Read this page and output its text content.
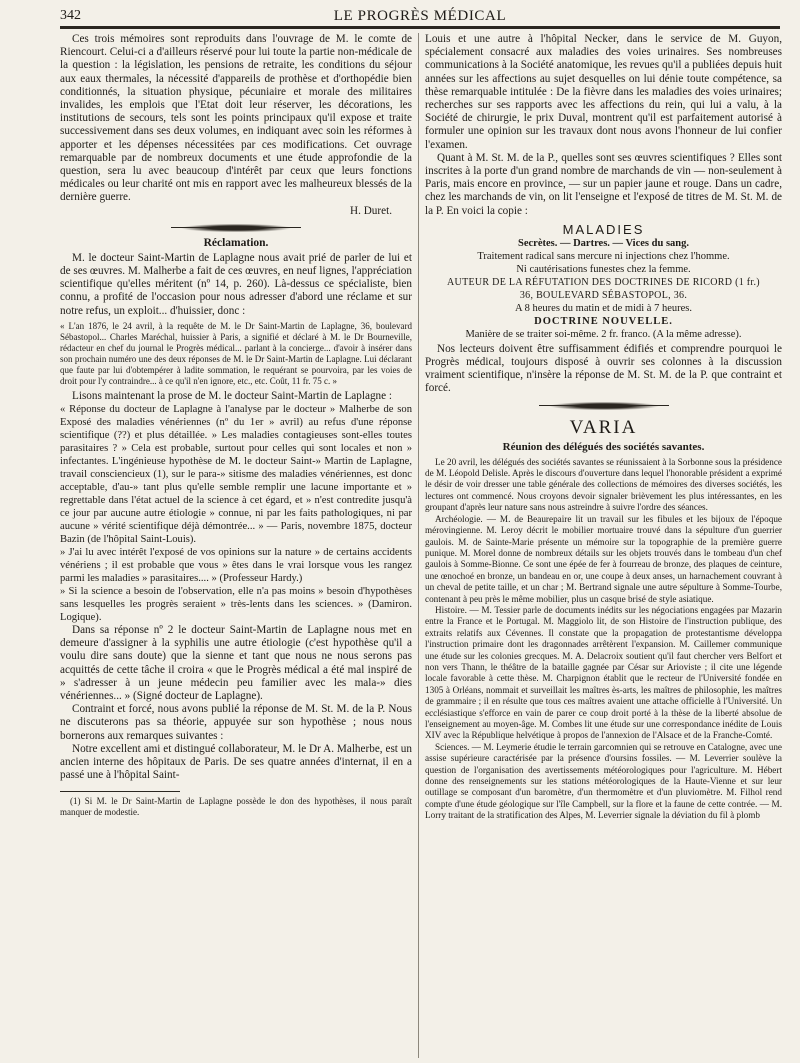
342	LE PROGRÈS MÉDICAL

Ces trois mémoires sont reproduits dans l'ouvrage de M. le comte de Riencourt. Celui-ci a d'ailleurs réservé pour lui toute la partie non-médicale de la question : la législation, les pensions de retraite, les conditions du séjour aux eaux thermales, la nécessité d'appareils de prothèse et d'orthopédie bien conditionnés, la situation physique, pécuniaire et morale des militaires invalides, les emplois que l'Etat doit leur réserver, les décorations, les institutions de secours, tels sont les points principaux qu'il expose et traite successivement dans ses deux volumes, en indiquant avec soin les réformes à apporter et les dépenses nécessitées par ces modifications. Cet ouvrage remarquable par de nombreux documents et une étude approfondie de la question, sera lu avec beaucoup d'intérêt par ceux que leurs fonctions médicales ou leur charité ont mis en rapport avec les malheureux blessés de la dernière guerre.

H. Duret.

Réclamation.

M. le docteur Saint-Martin de Laplagne nous avait prié de parler de lui et de ses œuvres. M. Malherbe a fait de ces œuvres, en neuf lignes, l'appréciation scientifique qu'elles méritent (nº 14, p. 260). Là-dessus ce spécialiste, bien connu, a profité de l'occasion pour nous adresser d'abord une réclame et sur notre refus, un exploit... d'huissier, donc :

« L'an 1876, le 24 avril, à la requête de M. le Dr Saint-Martin de Laplagne, 36, boulevard Sébastopol... Charles Maréchal, huissier à Paris, a signifié et déclaré à M. le Dr Bourneville, rédacteur en chef du journal le Progrès médical... parlant à la concierge... d'avoir à insérer dans son prochain numéro une des deux réponses de M. le Dr Saint-Martin de Laplagne. Lui déclarant que faute par lui d'obtempérer à ladite sommation, le requérant se pourvoira, par les voies de droit pour l'y contraindre... à ce qu'il n'en ignore, etc., etc. Coût, 11 fr. 75 c. »

Lisons maintenant la prose de M. le docteur Saint-Martin de Laplagne :

« Réponse du docteur de Laplagne à l'analyse par le docteur » Malherbe de son Exposé des maladies vénériennes (nº du 1er » avril) au refus d'une réponse scientifique (??) et plus détaillée. » Les maladies contagieuses sont-elles toutes parasitaires ? » Cela est probable, surtout pour celles qui sont locales et non » infectantes. L'ingénieuse hypothèse de M. le docteur Saint-» Martin de Laplagne, travail consciencieux (1), sur le para-» sitisme des maladies vénériennes, est donc acceptable, d'au-» tant plus qu'elle semble remplir une lacune importante et » regrettable dans l'état actuel de la science à cet égard, et » n'est contredite jusqu'à ce jour par aucune autre étiologie » connue, ni par les faits pathologiques, ni par aucune » vérité scientifique déjà démontrée... » — Paris, novembre 1875, docteur Bazin (de l'hôpital Saint-Louis).

» J'ai lu avec intérêt l'exposé de vos opinions sur la nature » de certains accidents vénériens ; il est probable que vous » êtes dans le vrai lorsque vous les rangez parmi les maladies » parasitaires.... » (Professeur Hardy.)

» Si la science a besoin de l'observation, elle n'a pas moins » besoin d'hypothèses sans lesquelles les progrès seraient » très-lents dans les sciences. » (Damiron. Logique).

Dans sa réponse nº 2 le docteur Saint-Martin de Laplagne nous met en demeure d'assigner à la syphilis une autre étiologie (c'est hypothèse qu'il a voulu dire sans doute) que la sienne et tant que nous ne nous serons pas acquittés de cette tâche il croira « que le Progrès médical a été mal inspiré de » s'adresser à un jeune médecin peu familier avec les mala-» dies vénériennes... » (Signé docteur de Laplagne).

Contraint et forcé, nous avons publié la réponse de M. St. M. de la P. Nous ne discuterons pas sa théorie, appuyée sur son hypothèse ; nous nous bornerons aux remarques suivantes :

Notre excellent ami et distingué collaborateur, M. le Dr A. Malherbe, est un ancien interne des hôpitaux de Paris. De ses quatre années d'internat, il en a passé une à l'hôpital Saint-

(1) Si M. le Dr Saint-Martin de Laplagne possède le don des hypothèses, il nous paraît manquer de modestie.

Louis et une autre à l'hôpital Necker, dans le service de M. Guyon, spécialement consacré aux maladies des voies urinaires. Ses nombreuses communications à la Société anatomique, les revues qu'il a publiées depuis huit années sur les affections au sujet desquelles on lui dénie toute compétence, sa thèse remarquable intitulée : De la fièvre dans les maladies des voies urinaires; recherches sur ses rapports avec les affections du rein, qui lui a valu, à la Société de chirurgie, le prix Duval, montrent qu'il est parfaitement autorisé à formuler une opinion sur les travaux dont nous avons l'honneur de lui confier l'examen.

Quant à M. St. M. de la P., quelles sont ses œuvres scientifiques ? Elles sont inscrites à la porte d'un grand nombre de marchands de vin — non-seulement à Paris, mais encore en province, — sur un papier jaune et rouge. Dans un cadre, chez les marchands de vin, on lit l'enseigne et l'exposé de titres de M. St. M. de la P. En voici la copie :

MALADIES
Secrètes. — Dartres. — Vices du sang.
Traitement radical sans mercure ni injections chez l'homme.
Ni cautérisations funestes chez la femme.
AUTEUR DE LA RÉFUTATION DES DOCTRINES DE RICORD (1 fr.)
36, BOULEVARD SÉBASTOPOL, 36.
A 8 heures du matin et de midi à 7 heures.
DOCTRINE NOUVELLE.
Manière de se traiter soi-même. 2 fr. franco. (A la même adresse).

Nos lecteurs doivent être suffisamment édifiés et comprendre pourquoi le Progrès médical, toujours disposé à ouvrir ses colonnes à la discussion vraiment scientifique, n'insère la réponse de M. St. M. de la P. que contraint et forcé.

VARIA
Réunion des délégués des sociétés savantes.

Le 20 avril, les délégués des sociétés savantes se réunissaient à la Sorbonne sous la présidence de M. Léopold Delisle. Après le discours d'ouverture dans lequel l'honorable président a exprimé le désir de voir dresser une table générale des collections de mémoires des diverses sociétés, les lectures ont commencé. Nous croyons devoir signaler brièvement les plus intéressantes, en les groupant d'après leur nature sans nous astreindre à suivre l'ordre des séances.

Archéologie. — M. de Beaurepaire lit un travail sur les fibules et les bijoux de l'époque mérovingienne. M. Leroy décrit le mobilier mortuaire trouvé dans la sépulture d'un guerrier gaulois. M. de Sainte-Marie présente un mémoire sur la topographie de la première guerre punique. M. Morel donne de nombreux détails sur les objets trouvés dans le tombeau d'un chef gaulois à Somme-Bionne. Ce sont une épée de fer à fourreau de bronze, des plaques de ceinture, une œnochoé en bronze, un bandeau en or, une coupe à deux anses, un harnachement couvrant à un cheval de petite taille, et un char ; M. Bertrand signale une autre sépulture à Somme-Tourbe, contenant à peu près le même mobilier, plus un casque brisé de style asiatique.

Histoire. — M. Tessier parle de documents inédits sur les négociations engagées par Mazarin entre la France et le Portugal. M. Maggiolo lit, de son Histoire de l'instruction publique, des extraits relatifs aux Cévennes. Il constate que la propagation de protestantisme développa l'instruction primaire dont les dragonnades arrêtèrent l'expansion. M. Caillemer communique une étude sur les colonies grecques. M. A. Delacroix soutient qu'il faut chercher vers Belfort et non vers Thann, le théâtre de la bataille gagnée par César sur Arioviste ; il cite une légende locale favorable à cette thèse. M. Charpignon établit que le recteur de l'Université fondée en 1305 à Orléans, nommait et surveillait les maîtres ès-arts, les maîtres de philosophie, les maîtres de grammaire ; il en résulte que tous ces maîtres avaient une attache officielle à l'Université. Un ecclésiastique s'efforce en vain de parer ce coup droit porté à la thèse de la liberté absolue de l'enseignement au moyen-âge. M. Combes lit une étude sur une correspondance inédite de Louis XIV avec la République helvétique à propos de l'annexion de l'Alsace et de la Franche-Comté.

Sciences. — M. Leymerie étudie le terrain garcomnien qui se retrouve en Catalogne, avec une assise supérieure caractérisée par la présence d'oursins fossiles. — M. Leverrier soulève la question de l'organisation des avertissements météorologiques pour l'agriculture. M. Hébert donne des renseignements sur les stations météorologiques de la Haute-Vienne et sur leur outillage se composant d'un baromètre, d'un thermomètre et d'un pluviomètre. M. Filhol rend compte d'une étude géologique sur l'île Campbell, sur la flore et la faune de cette contrée. — M. Lorry traitant de la stratification des Alpes, M. Leverrier signale la déviation du fil à plomb
